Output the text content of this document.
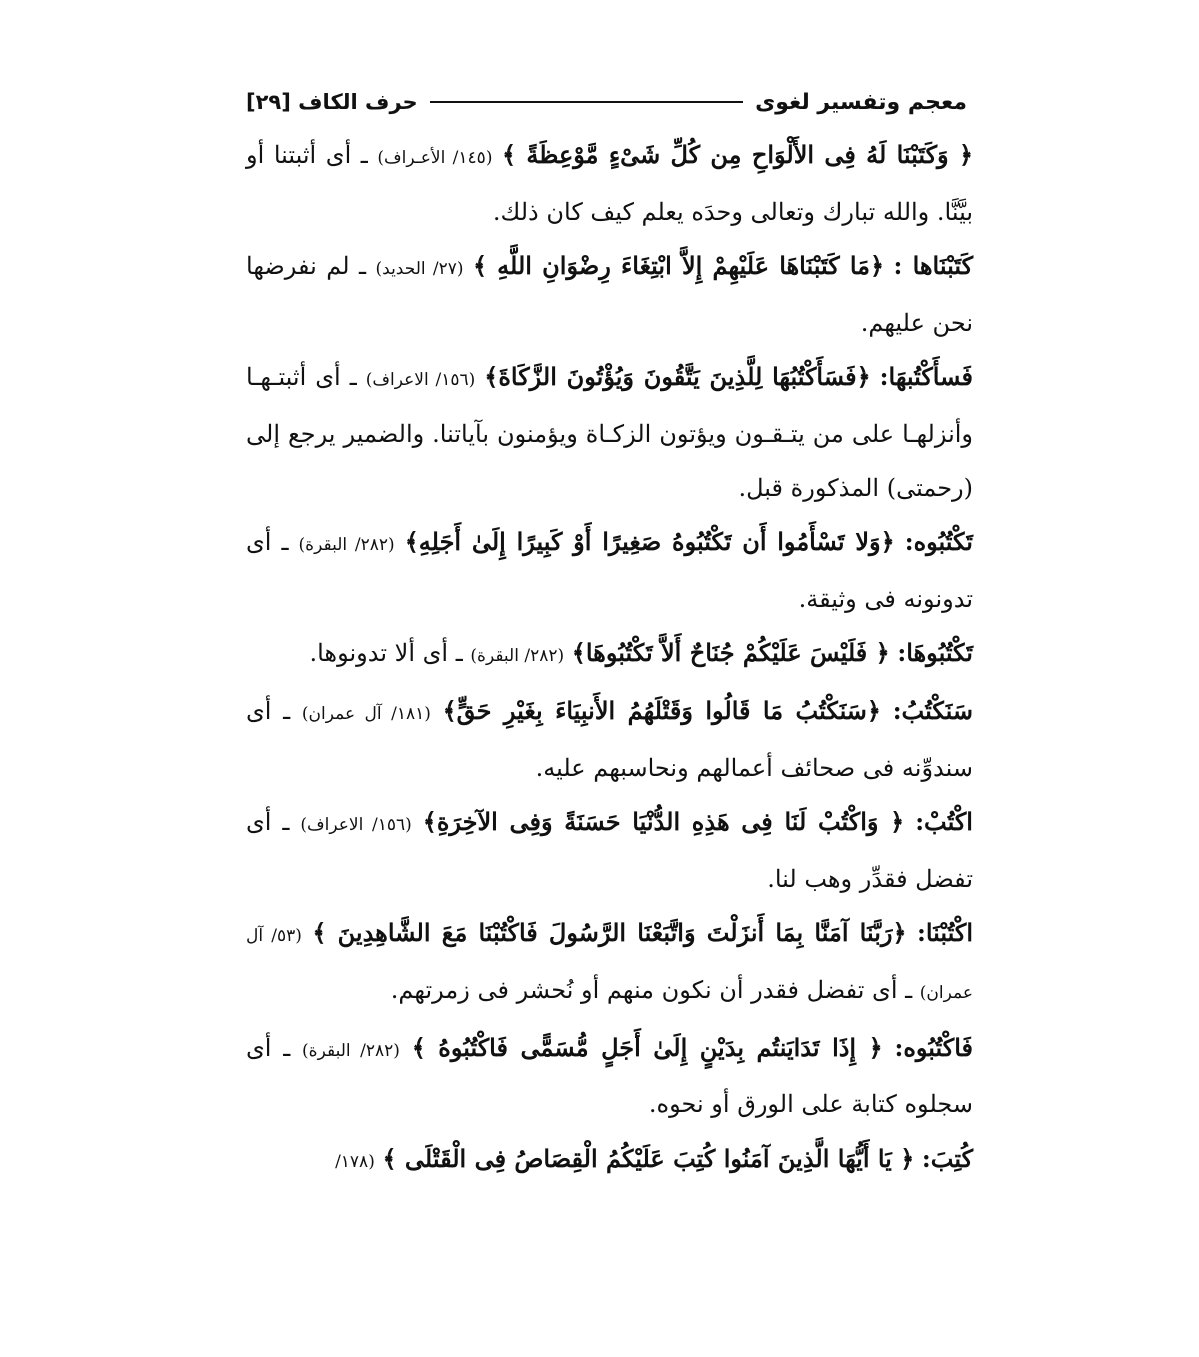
معجم وتفسير لغوى
حرف الكاف [٢٩]

﴿ وَكَتَبْنَا لَهُ فِى الأَلْوَاحِ مِن كُلِّ شَىْءٍ مَّوْعِظَةً ﴾ (١٤٥/ الأعـراف) ـ أى أثبتنا أو بيَّنَّا. والله تبارك وتعالى وحدَه يعلم كيف كان ذلك.

كَتَبْنَاها : ﴿مَا كَتَبْنَاهَا عَلَيْهِمْ إِلاَّ ابْتِغَاءَ رِضْوَانِ اللَّهِ ﴾ (٢٧/ الحديد) ـ لم نفرضها نحن عليهم.

فَسأَكْتُبهَا: ﴿فَسَأَكْتُبُهَا لِلَّذِينَ يَتَّقُونَ وَيُؤْتُونَ الزَّكَاةَ﴾ (١٥٦/ الاعراف) ـ أى أثبتـهـا وأنزلهـا على من يتـقـون ويؤتون الزكـاة ويؤمنون بآياتنا. والضمير يرجع إلى (رحمتى) المذكورة قبل.

تَكْتُبُوه: ﴿وَلا تَسْأَمُوا أَن تَكْتُبُوهُ صَغِيرًا أَوْ كَبِيرًا إِلَىٰ أَجَلِهِ﴾ (٢٨٢/ البقرة) ـ أى تدونونه فى وثيقة.

تَكْتُبُوهَا: ﴿ فَلَيْسَ عَلَيْكُمْ جُنَاحٌ أَلاَّ تَكْتُبُوهَا﴾ (٢٨٢/ البقرة) ـ أى ألا تدونوها.

سَنَكْتُبُ: ﴿سَنَكْتُبُ مَا قَالُوا وَقَتْلَهُمُ الأَنبِيَاءَ بِغَيْرِ حَقٍّ﴾ (١٨١/ آل عمران) ـ أى سندوِّنه فى صحائف أعمالهم ونحاسبهم عليه.

اكْتُبْ: ﴿ وَاكْتُبْ لَنَا فِى هَذِهِ الدُّنْيَا حَسَنَةً وَفِى الآخِرَةِ﴾ (١٥٦/ الاعراف) ـ أى تفضل فقدِّر وهب لنا.

اكْتُبْنَا: ﴿رَبَّنَا آمَنَّا بِمَا أَنزَلْتَ وَاتَّبَعْنَا الرَّسُولَ فَاكْتُبْنَا مَعَ الشَّاهِدِينَ ﴾ (٥٣/ آل عمران) ـ أى تفضل فقدر أن نكون منهم أو نُحشر فى زمرتهم.

فَاكْتُبُوه: ﴿ إِذَا تَدَايَنتُم بِدَيْنٍ إِلَىٰ أَجَلٍ مُّسَمًّى فَاكْتُبُوهُ ﴾ (٢٨٢/ البقرة) ـ أى سجلوه كتابة على الورق أو نحوه.

كُتِبَ: ﴿ يَا أَيُّهَا الَّذِينَ آمَنُوا كُتِبَ عَلَيْكُمُ الْقِصَاصُ فِى الْقَتْلَى ﴾ (١٧٨/
